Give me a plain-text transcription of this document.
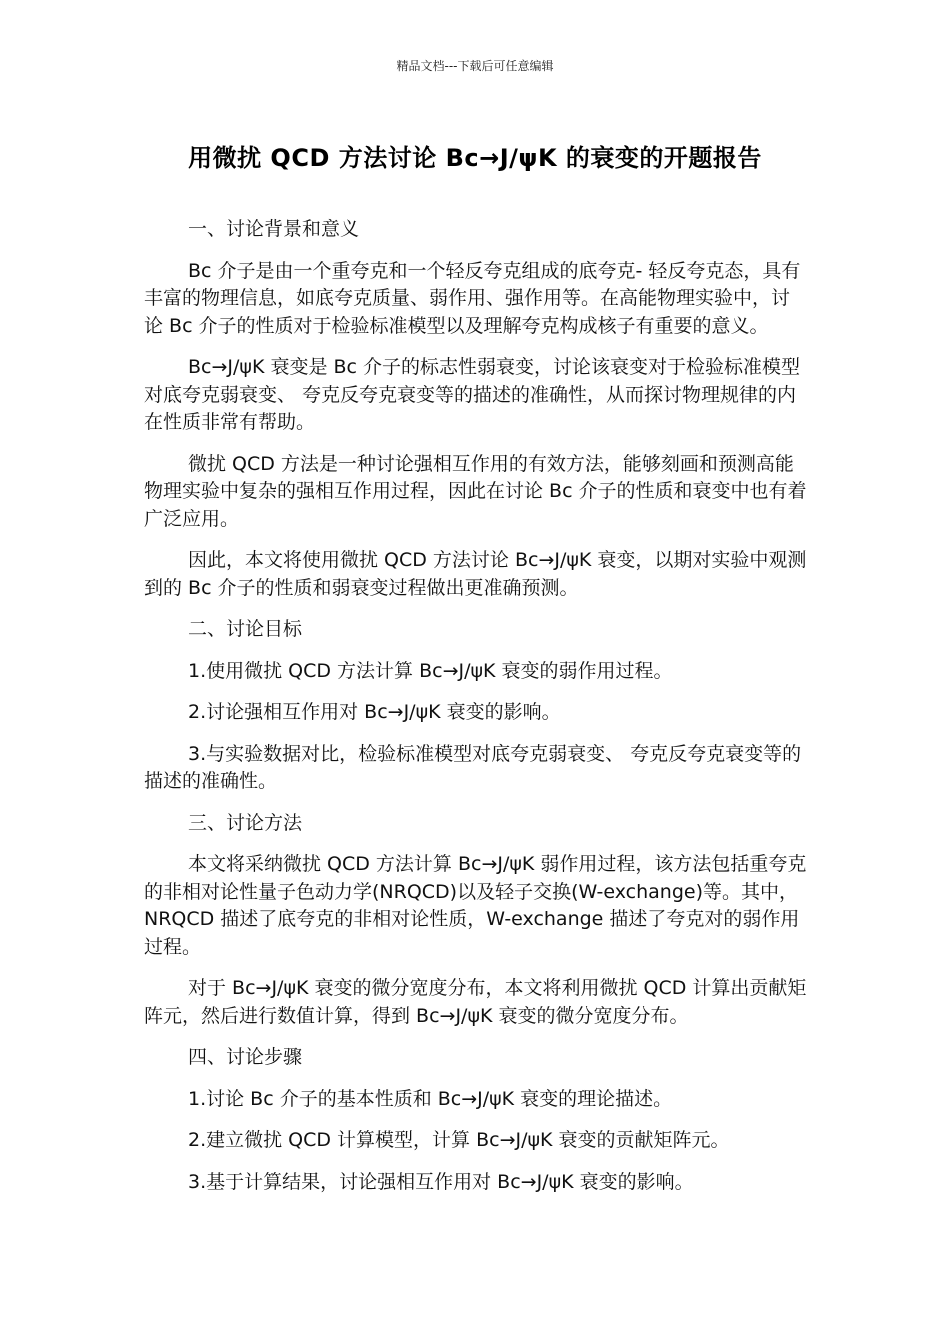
精品文档---下载后可任意编辑
用微扰 QCD 方法讨论 Bc→J/ψK 的衰变的开题报告

一、讨论背景和意义

Bc 介子是由一个重夸克和一个轻反夸克组成的底夸克- 轻反夸克态，具有丰富的物理信息，如底夸克质量、弱作用、强作用等。在高能物理实验中，讨论 Bc 介子的性质对于检验标准模型以及理解夸克构成核子有重要的意义。

Bc→J/ψK 衰变是 Bc 介子的标志性弱衰变，讨论该衰变对于检验标准模型对底夸克弱衰变、 夸克反夸克衰变等的描述的准确性，从而探讨物理规律的内在性质非常有帮助。

微扰 QCD 方法是一种讨论强相互作用的有效方法，能够刻画和预测高能物理实验中复杂的强相互作用过程，因此在讨论 Bc 介子的性质和衰变中也有着广泛应用。

因此，本文将使用微扰 QCD 方法讨论 Bc→J/ψK 衰变，以期对实验中观测到的 Bc 介子的性质和弱衰变过程做出更准确预测。

二、讨论目标

1.使用微扰 QCD 方法计算 Bc→J/ψK 衰变的弱作用过程。

2.讨论强相互作用对 Bc→J/ψK 衰变的影响。

3.与实验数据对比，检验标准模型对底夸克弱衰变、 夸克反夸克衰变等的描述的准确性。

三、讨论方法

本文将采纳微扰 QCD 方法计算 Bc→J/ψK 弱作用过程，该方法包括重夸克的非相对论性量子色动力学(NRQCD)以及轻子交换(W-exchange)等。其中，NRQCD 描述了底夸克的非相对论性质，W-exchange 描述了夸克对的弱作用过程。

对于 Bc→J/ψK 衰变的微分宽度分布，本文将利用微扰 QCD 计算出贡献矩阵元，然后进行数值计算，得到 Bc→J/ψK 衰变的微分宽度分布。

四、讨论步骤

1.讨论 Bc 介子的基本性质和 Bc→J/ψK 衰变的理论描述。

2.建立微扰 QCD 计算模型，计算 Bc→J/ψK 衰变的贡献矩阵元。

3.基于计算结果，讨论强相互作用对 Bc→J/ψK 衰变的影响。
